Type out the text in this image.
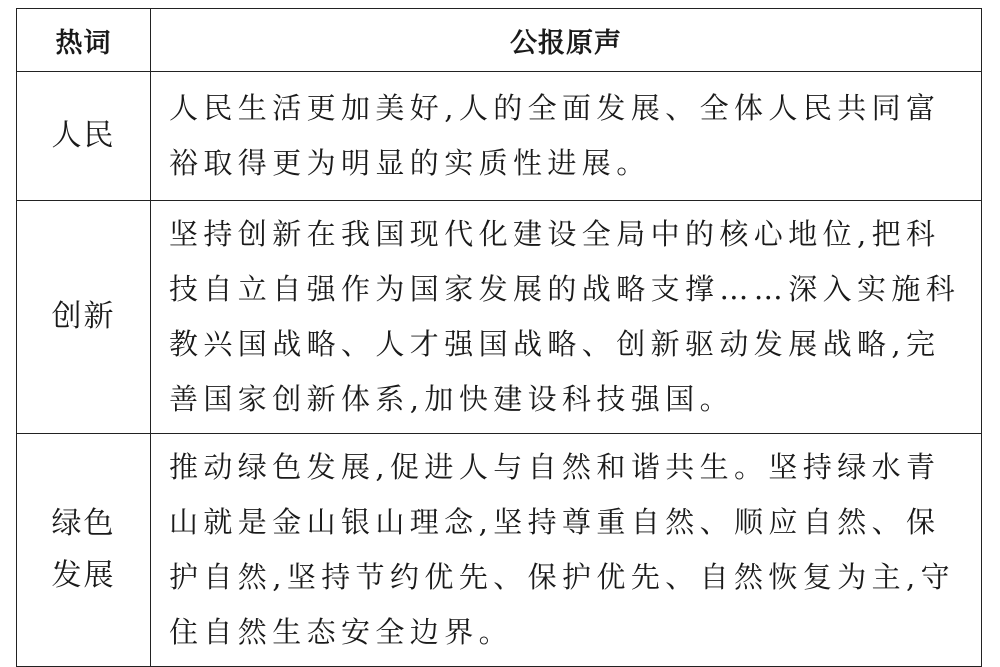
热词	公报原声
人民	人民生活更加美好,人的全面发展、全体人民共同富裕取得更为明显的实质性进展。
创新	坚持创新在我国现代化建设全局中的核心地位,把科技自立自强作为国家发展的战略支撑……深入实施科教兴国战略、人才强国战略、创新驱动发展战略,完善国家创新体系,加快建设科技强国。

绿色
发展	推动绿色发展,促进人与自然和谐共生。坚持绿水青山就是金山银山理念,坚持尊重自然、顺应自然、保护自然,坚持节约优先、保护优先、自然恢复为主,守住自然生态安全边界。
